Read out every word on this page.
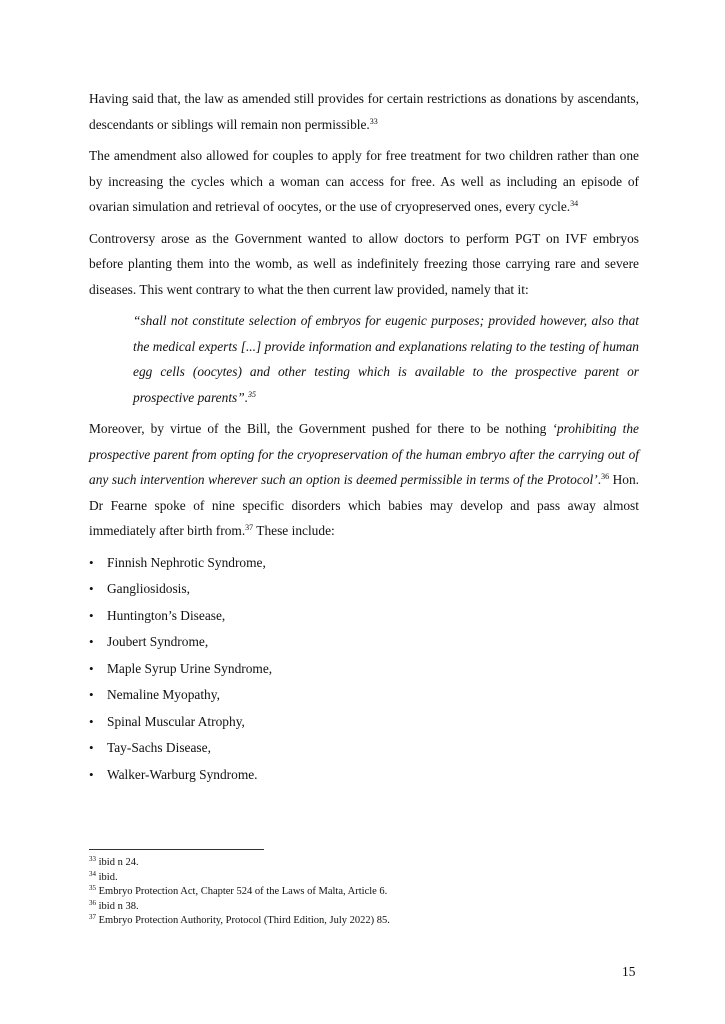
Having said that, the law as amended still provides for certain restrictions as donations by ascendants, descendants or siblings will remain non permissible.$^{33}$

The amendment also allowed for couples to apply for free treatment for two children rather than one by increasing the cycles which a woman can access for free. As well as including an episode of ovarian simulation and retrieval of oocytes, or the use of cryopreserved ones, every cycle.$^{34}$

Controversy arose as the Government wanted to allow doctors to perform PGT on IVF embryos before planting them into the womb, as well as indefinitely freezing those carrying rare and severe diseases. This went contrary to what the then current law provided, namely that it:

“shall not constitute selection of embryos for eugenic purposes; provided however, also that the medical experts [...] provide information and explanations relating to the testing of human egg cells (oocytes) and other testing which is available to the prospective parent or prospective parents”.$^{35}$

Moreover, by virtue of the Bill, the Government pushed for there to be nothing ‘prohibiting the prospective parent from opting for the cryopreservation of the human embryo after the carrying out of any such intervention wherever such an option is deemed permissible in terms of the Protocol’.$^{36}$ Hon. Dr Fearne spoke of nine specific disorders which babies may develop and pass away almost immediately after birth from.$^{37}$ These include:

• Finnish Nephrotic Syndrome,
• Gangliosidosis,
• Huntington’s Disease,
• Joubert Syndrome,
• Maple Syrup Urine Syndrome,
• Nemaline Myopathy,
• Spinal Muscular Atrophy,
• Tay-Sachs Disease,
• Walker-Warburg Syndrome.
$^{33}$ ibid n 24.
$^{34}$ ibid.
$^{35}$ Embryo Protection Act, Chapter 524 of the Laws of Malta, Article 6.
$^{36}$ ibid n 38.
$^{37}$ Embryo Protection Authority, Protocol (Third Edition, July 2022) 85.
15
